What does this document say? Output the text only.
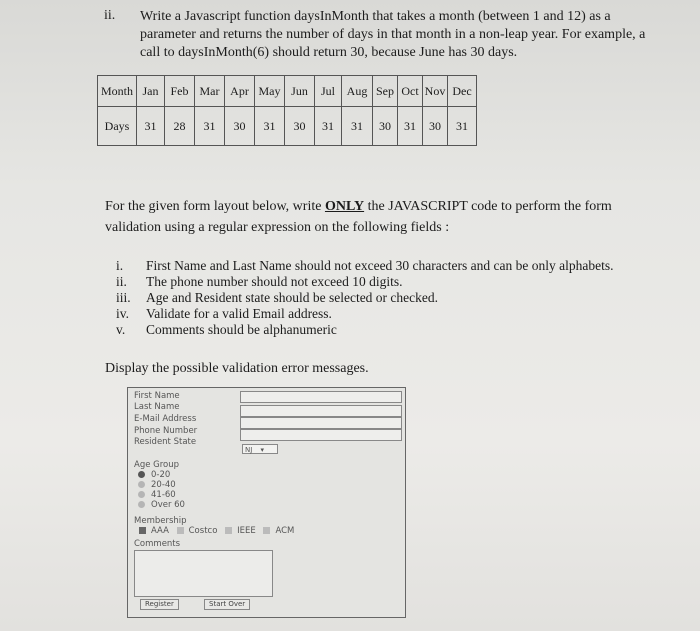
ii. Write a Javascript function daysInMonth that takes a month (between 1 and 12) as a parameter and returns the number of days in that month in a non-leap year. For example, a call to daysInMonth(6) should return 30, because June has 30 days.
Month	Jan	Feb	Mar	Apr	May	Jun	Jul	Aug	Sep	Oct	Nov	Dec
Days	31	28	31	30	31	30	31	31	30	31	30	31
For the given form layout below, write ONLY the JAVASCRIPT code to perform the form validation using a regular expression on the following fields :
i.	First Name and Last Name should not exceed 30 characters and can be only alphabets.
ii.	The phone number should not exceed 10 digits.
iii.	Age and Resident state should be selected or checked.
iv.	Validate for a valid Email address.
v.	Comments should be alphanumeric
Display the possible validation error messages.
First Name
Last Name
E-Mail Address
Phone Number
Resident State
NJ ▾
Age Group
0-20
20-40
41-60
Over 60
Membership
AAA Costco IEEE ACM
Comments
Register	Start Over
